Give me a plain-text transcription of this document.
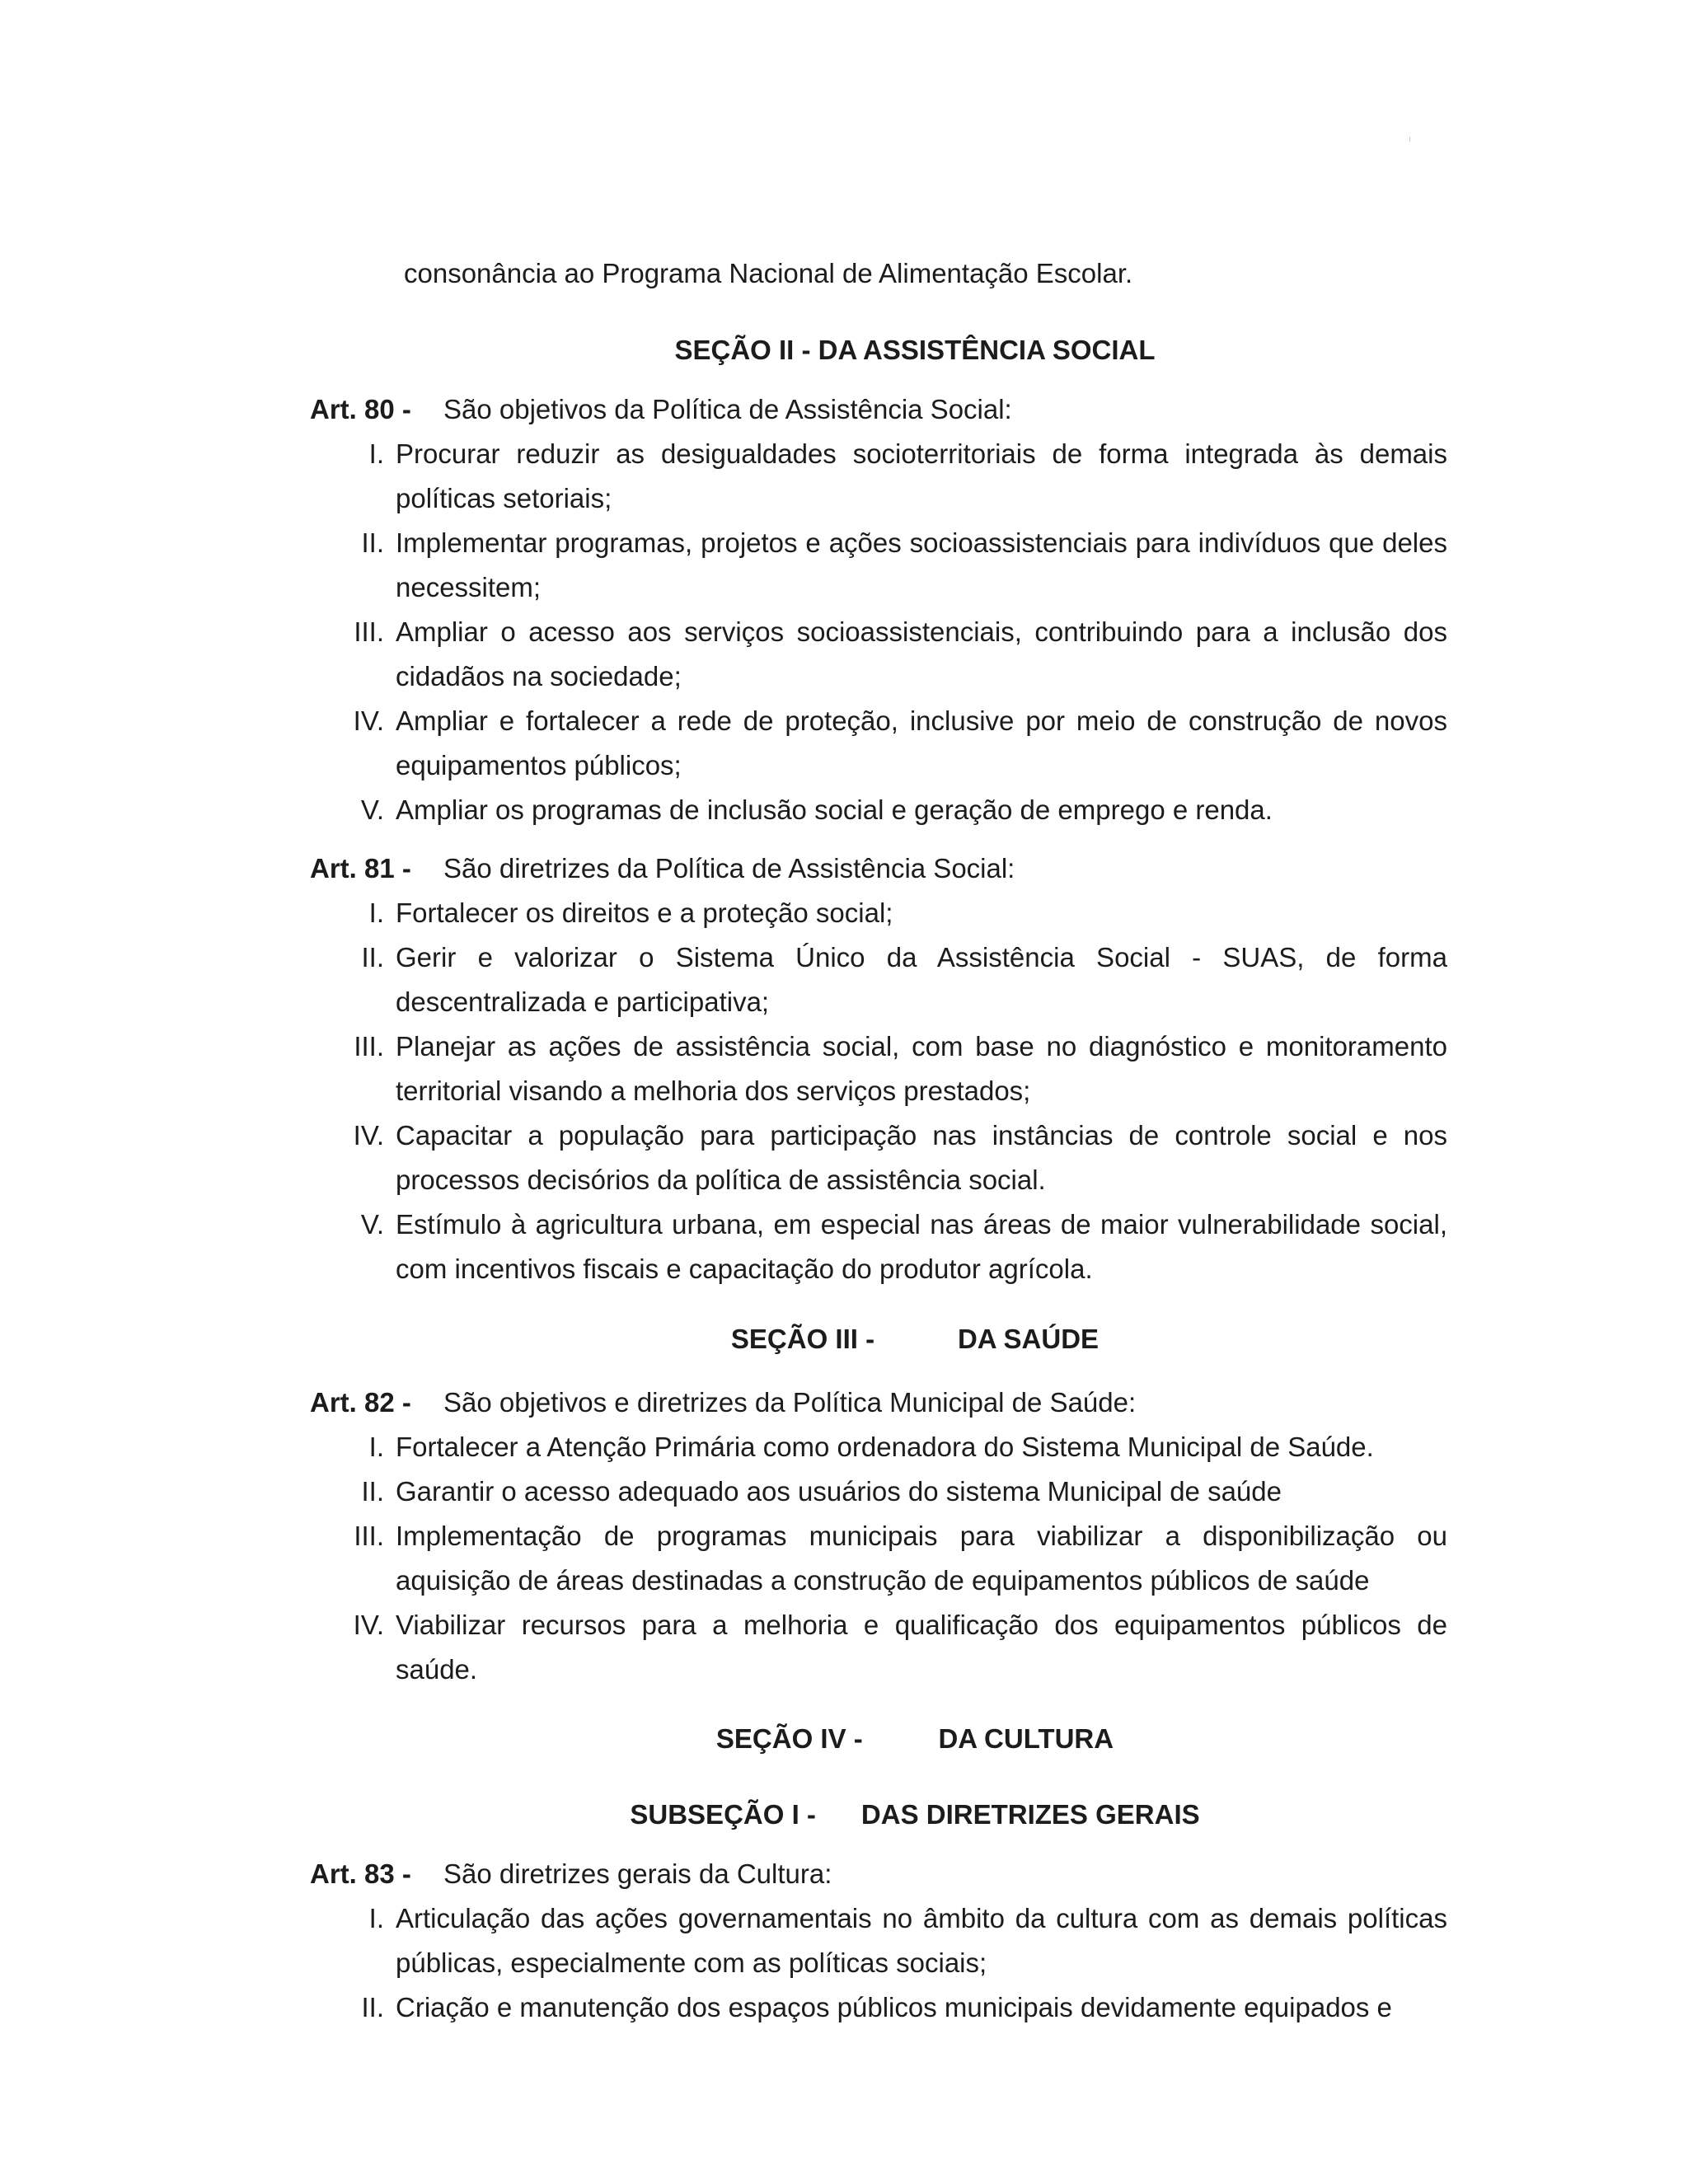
consonância ao Programa Nacional de Alimentação Escolar.
SEÇÃO II - DA ASSISTÊNCIA SOCIAL
Art. 80 -	São objetivos da Política de Assistência Social:
I. Procurar reduzir as desigualdades socioterritoriais de forma integrada às demais políticas setoriais;
II. Implementar programas, projetos e ações socioassistenciais para indivíduos que deles necessitem;
III. Ampliar o acesso aos serviços socioassistenciais, contribuindo para a inclusão dos cidadãos na sociedade;
IV. Ampliar e fortalecer a rede de proteção, inclusive por meio de construção de novos equipamentos públicos;
V. Ampliar os programas de inclusão social e geração de emprego e renda.
Art. 81 -	São diretrizes da Política de Assistência Social:
I. Fortalecer os direitos e a proteção social;
II. Gerir e valorizar o Sistema Único da Assistência Social - SUAS, de forma descentralizada e participativa;
III. Planejar as ações de assistência social, com base no diagnóstico e monitoramento territorial visando a melhoria dos serviços prestados;
IV. Capacitar a população para participação nas instâncias de controle social e nos processos decisórios da política de assistência social.
V. Estímulo à agricultura urbana, em especial nas áreas de maior vulnerabilidade social, com incentivos fiscais e capacitação do produtor agrícola.
SEÇÃO III -           DA SAÚDE
Art. 82 -	São objetivos e diretrizes da Política Municipal de Saúde:
I. Fortalecer a Atenção Primária como ordenadora do Sistema Municipal de Saúde.
II. Garantir o acesso adequado aos usuários do sistema Municipal de saúde
III. Implementação de programas municipais para viabilizar a disponibilização ou aquisição de áreas destinadas a construção de equipamentos públicos de saúde
IV. Viabilizar recursos para a melhoria e qualificação dos equipamentos públicos de saúde.
SEÇÃO IV -          DA CULTURA
SUBSEÇÃO I -      DAS DIRETRIZES GERAIS
Art. 83 -	São diretrizes gerais da Cultura:
I. Articulação das ações governamentais no âmbito da cultura com as demais políticas públicas, especialmente com as políticas sociais;
II. Criação e manutenção dos espaços públicos municipais devidamente equipados e
